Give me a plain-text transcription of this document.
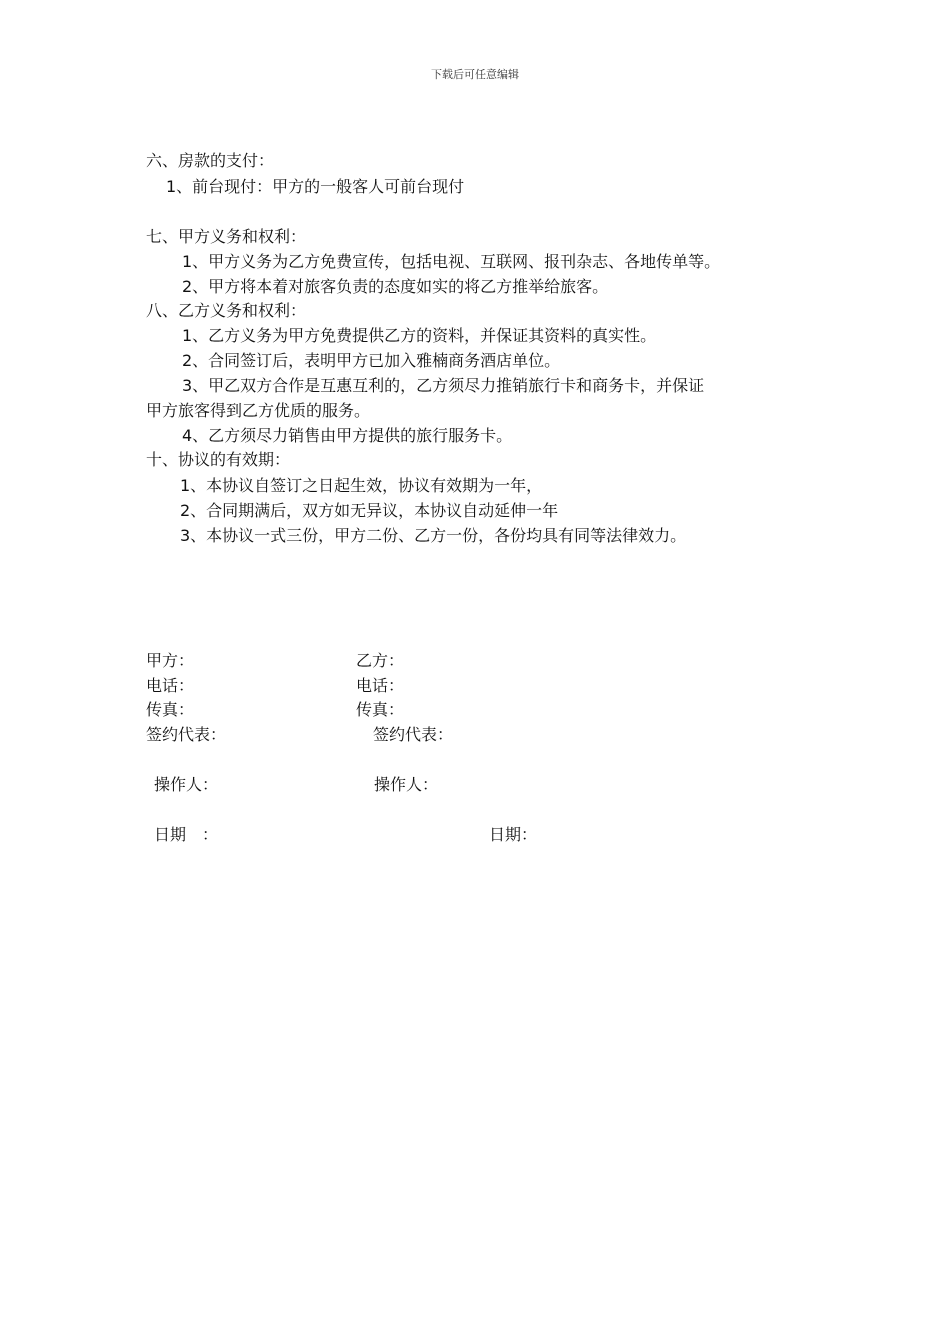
下载后可任意编辑
六、房款的支付：
1、前台现付：甲方的一般客人可前台现付
七、甲方义务和权利：
1、甲方义务为乙方免费宣传，包括电视、互联网、报刊杂志、各地传单等。
2、甲方将本着对旅客负责的态度如实的将乙方推举给旅客。
八、乙方义务和权利：
1、乙方义务为甲方免费提供乙方的资料，并保证其资料的真实性。
2、合同签订后，表明甲方已加入雅楠商务酒店单位。
3、甲乙双方合作是互惠互利的，乙方须尽力推销旅行卡和商务卡，并保证
甲方旅客得到乙方优质的服务。
4、乙方须尽力销售由甲方提供的旅行服务卡。
十、协议的有效期：
1、本协议自签订之日起生效，协议有效期为一年，
2、合同期满后，双方如无异议，本协议自动延伸一年
3、本协议一式三份，甲方二份、乙方一份，各份均具有同等法律效力。
甲方：	乙方：
电话：	电话：
传真：	传真：
签约代表：	签约代表：
操作人：	操作人：
日期　：	日期：
